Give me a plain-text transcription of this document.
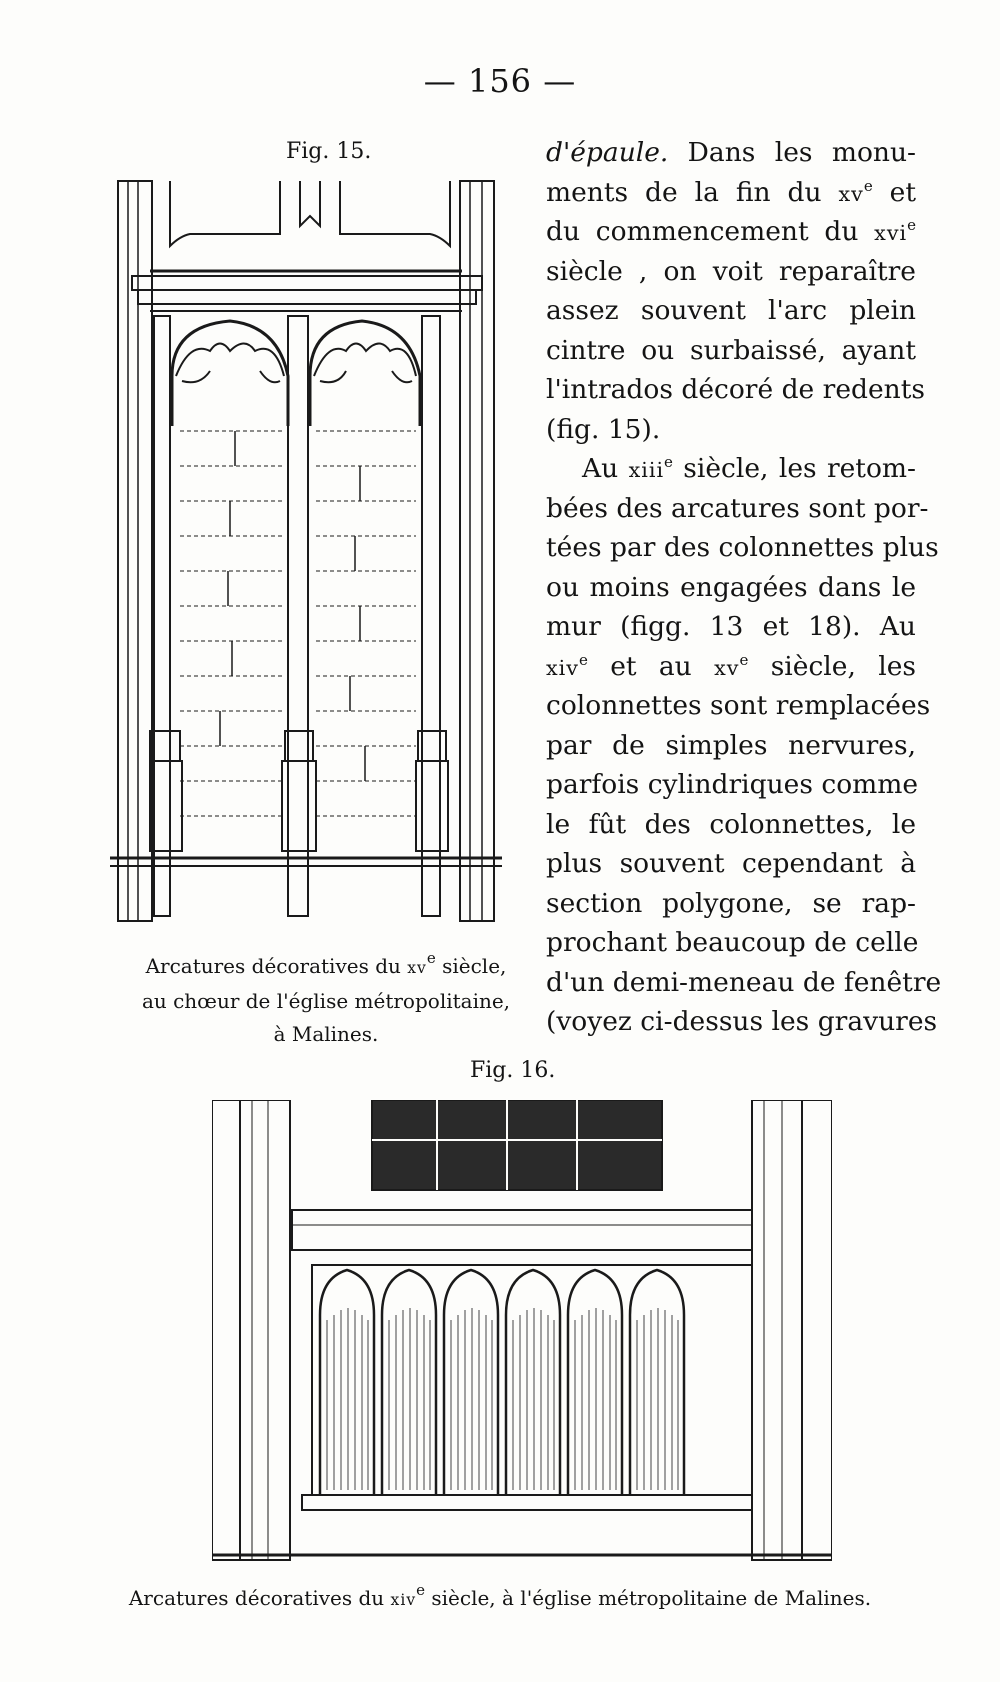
— 156 —
Fig. 15.
Arcatures décoratives du $xv^e$ siècle,
au chœur de l'église métropolitaine,
à Malines.
d'épaule. Dans les monu-
ments de la fin du $xv^e$ et
du commencement du xvi$^e$
siècle , on voit reparaître
assez souvent l'arc plein
cintre ou surbaissé, ayant
l'intrados décoré de redents
(fig. 15).
Au xiii$^e$ siècle, les retom-
bées des arcatures sont por-
tées par des colonnettes plus
ou moins engagées dans le
mur (figg. 13 et 18). Au
xiv$^e$ et au $xv^e$ siècle, les
colonnettes sont remplacées
par de simples nervures,
parfois cylindriques comme
le fût des colonnettes, le
plus souvent cependant à
section polygone, se rap-
prochant beaucoup de celle
d'un demi-meneau de fenêtre
(voyez ci-dessus les gravures
Fig. 16.
Arcatures décoratives du xiv$^e$ siècle, à l'église métropolitaine de Malines.
